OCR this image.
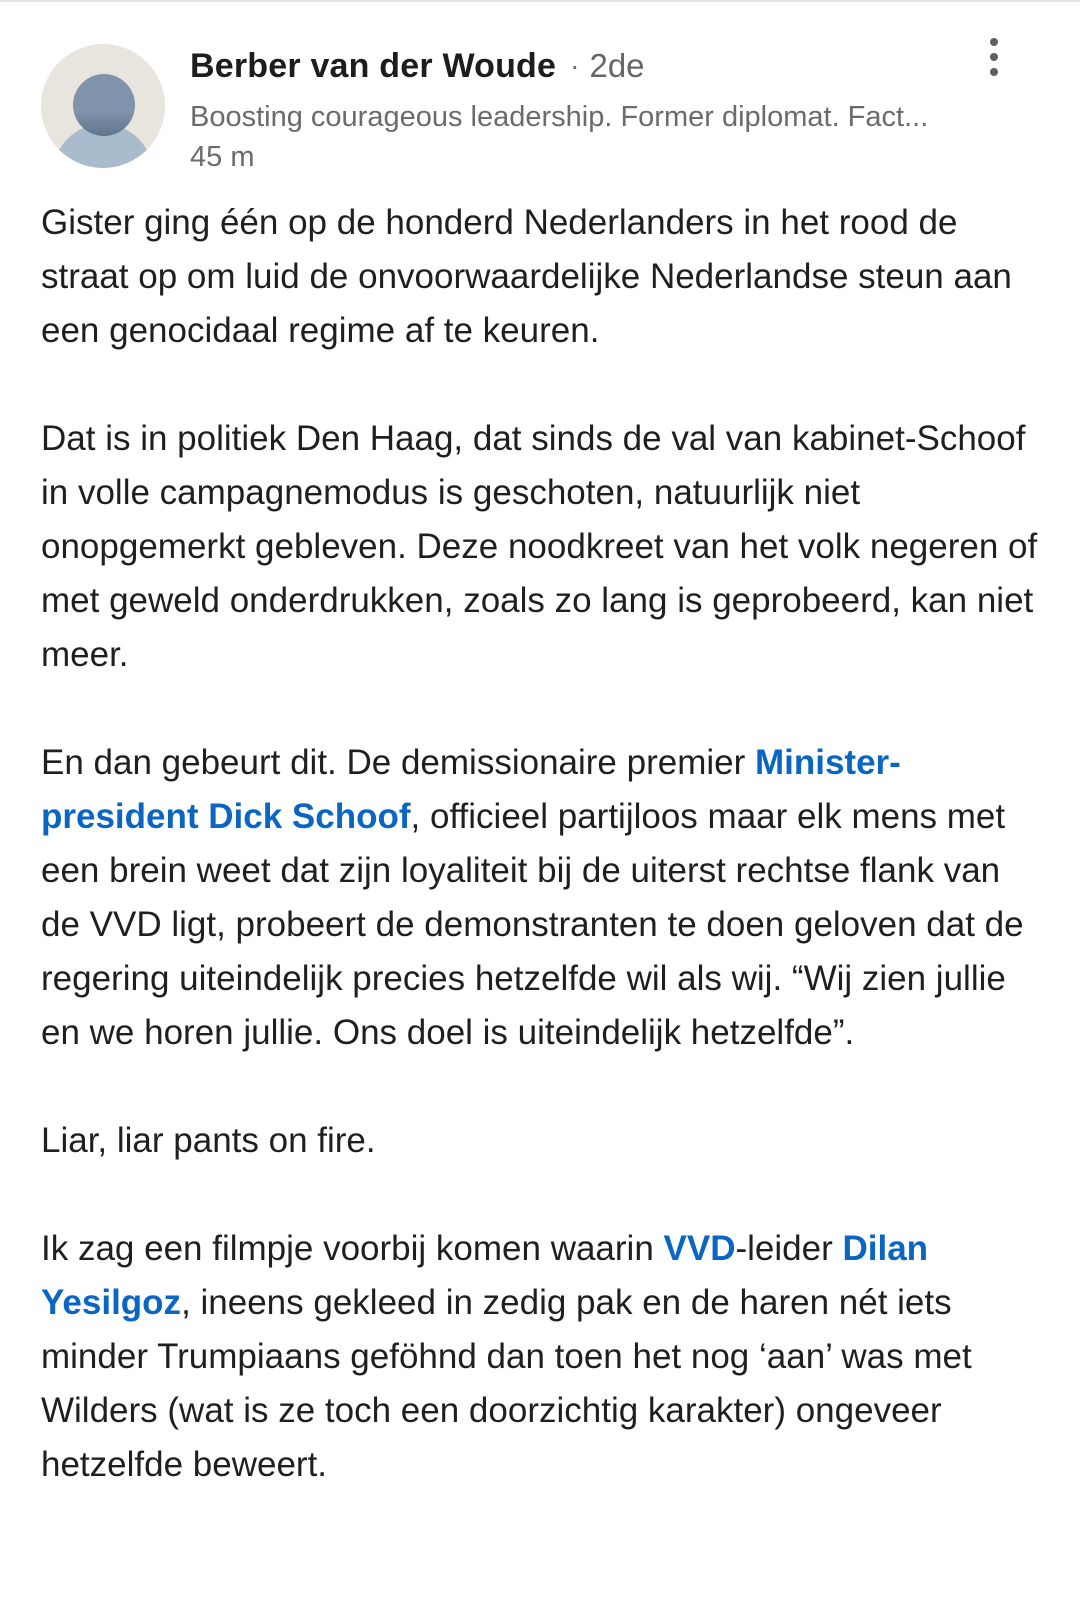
Berber van der Woude · 2de
Boosting courageous leadership. Former diplomat. Fact...
45 m

Gister ging één op de honderd Nederlanders in het rood de straat op om luid de onvoorwaardelijke Nederlandse steun aan een genocidaal regime af te keuren.

Dat is in politiek Den Haag, dat sinds de val van kabinet-Schoof in volle campagnemodus is geschoten, natuurlijk niet onopgemerkt gebleven. Deze noodkreet van het volk negeren of met geweld onderdrukken, zoals zo lang is geprobeerd, kan niet meer.

En dan gebeurt dit. De demissionaire premier Minister-president Dick Schoof, officieel partijloos maar elk mens met een brein weet dat zijn loyaliteit bij de uiterst rechtse flank van de VVD ligt, probeert de demonstranten te doen geloven dat de regering uiteindelijk precies hetzelfde wil als wij. “Wij zien jullie en we horen jullie. Ons doel is uiteindelijk hetzelfde”.

Liar, liar pants on fire.

Ik zag een filmpje voorbij komen waarin VVD-leider Dilan Yesilgoz, ineens gekleed in zedig pak en de haren nét iets minder Trumpiaans geföhnd dan toen het nog ‘aan’ was met Wilders (wat is ze toch een doorzichtig karakter) ongeveer hetzelfde beweert.
